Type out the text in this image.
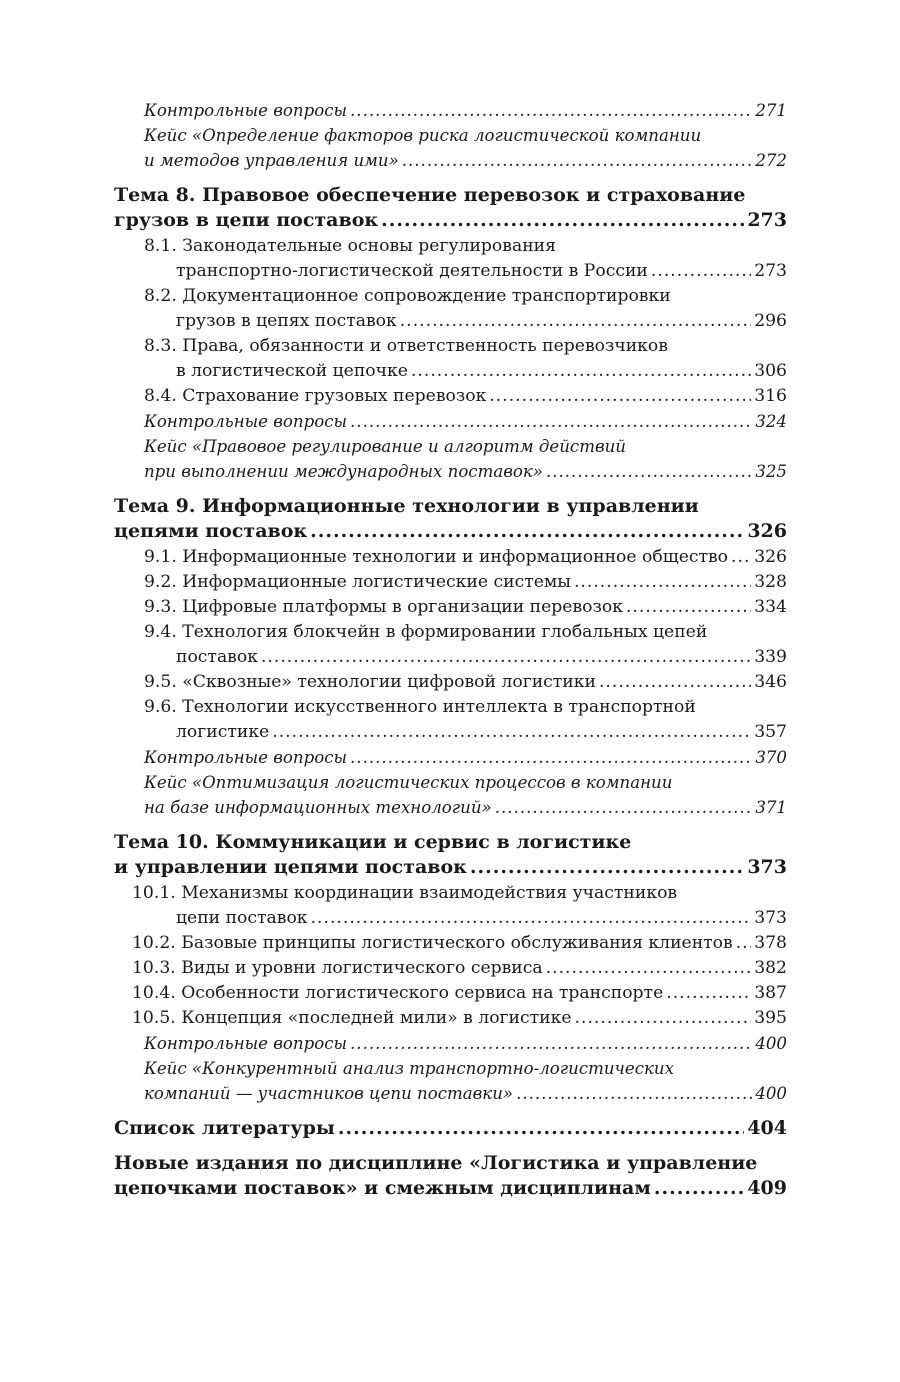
Контрольные вопросы .....	271
Кейс «Определение факторов риска логистической компании
и методов управления ими» .....	272
Тема 8. Правовое обеспечение перевозок и страхование
грузов в цепи поставок .....	273
8.1. Законодательные основы регулирования
транспортно-логистической деятельности в России .....	273
8.2. Документационное сопровождение транспортировки
грузов в цепях поставок .....	296
8.3. Права, обязанности и ответственность перевозчиков
в логистической цепочке .....	306
8.4. Страхование грузовых перевозок .....	316
Контрольные вопросы .....	324
Кейс «Правовое регулирование и алгоритм действий
при выполнении международных поставок» .....	325
Тема 9. Информационные технологии в управлении
цепями поставок .....	326
9.1. Информационные технологии и информационное общество ..... 326
9.2. Информационные логистические системы .....	328
9.3. Цифровые платформы в организации перевозок .....	334
9.4. Технология блокчейн в формировании глобальных цепей
поставок .....	339
9.5. «Сквозные» технологии цифровой логистики .....	346
9.6. Технологии искусственного интеллекта в транспортной
логистике .....	357
Контрольные вопросы .....	370
Кейс «Оптимизация логистических процессов в компании
на базе информационных технологий» .....	371
Тема 10. Коммуникации и сервис в логистике
и управлении цепями поставок .....	373
10.1. Механизмы координации взаимодействия участников
цепи поставок .....	373
10.2. Базовые принципы логистического обслуживания клиентов ..... 378
10.3. Виды и уровни логистического сервиса .....	382
10.4. Особенности логистического сервиса на транспорте .....	387
10.5. Концепция «последней мили» в логистике .....	395
Контрольные вопросы .....	400
Кейс «Конкурентный анализ транспортно-логистических
компаний — участников цепи поставки» .....	400
Список литературы .....	404
Новые издания по дисциплине «Логистика и управление
цепочками поставок» и смежным дисциплинам .....	409
